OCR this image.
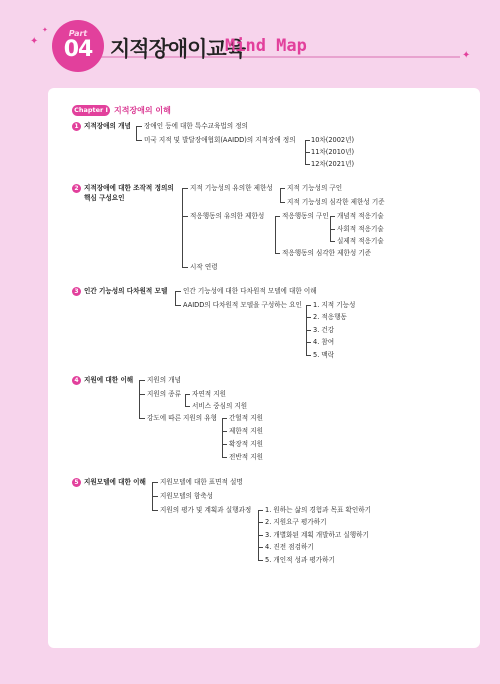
✦
✦
✦
Part
04 지적장애이교육
Mind Map
Chapter I 지적장애의 이해
1 지적장애의 개념 장애인 등에 대한 특수교육법의 정의
미국 지적 및 발달장애협회(AAIDD)의 지적장애 정의 10차(2002년)
11차(2010년)
12차(2021년)
2 지적장애에 대한 조작적 정의의
핵심 구성요인
지적 기능성의 유의한 제한성 지적 기능성의 구인
지적 기능성의 심각한 제한성 기준
적응행동의 유의한 제한성	적응행동의 구인 개념적 적응기술
사회적 적응기술
실제적 적응기술
적응행동의 심각한 제한성 기준
시작 연령
3 인간 기능성의 다차원적 모델 인간 기능성에 대한 다차원적 모델에 대한 이해
AAIDD의 다차원적 모델을 구성하는 요인 1. 지적 기능성
2. 적응행동
3. 건강
4. 참여
5. 맥락
4 지원에 대한 이해 지원의 개념
지원의 종류 자연적 지원
서비스 중심의 지원
강도에 따른 지원의 유형 간헐적 지원
제한적 지원
확장적 지원
전반적 지원
5 지원모델에 대한 이해 지원모델에 대한 표면적 설명
지원모델의 함축성
지원의 평가 및 계획과 실행과정 1. 원하는 삶의 경험과 목표 확인하기
2. 지원요구 평가하기
3. 개별화된 계획 개발하고 실행하기
4. 진전 점검하기
5. 개인적 성과 평가하기
